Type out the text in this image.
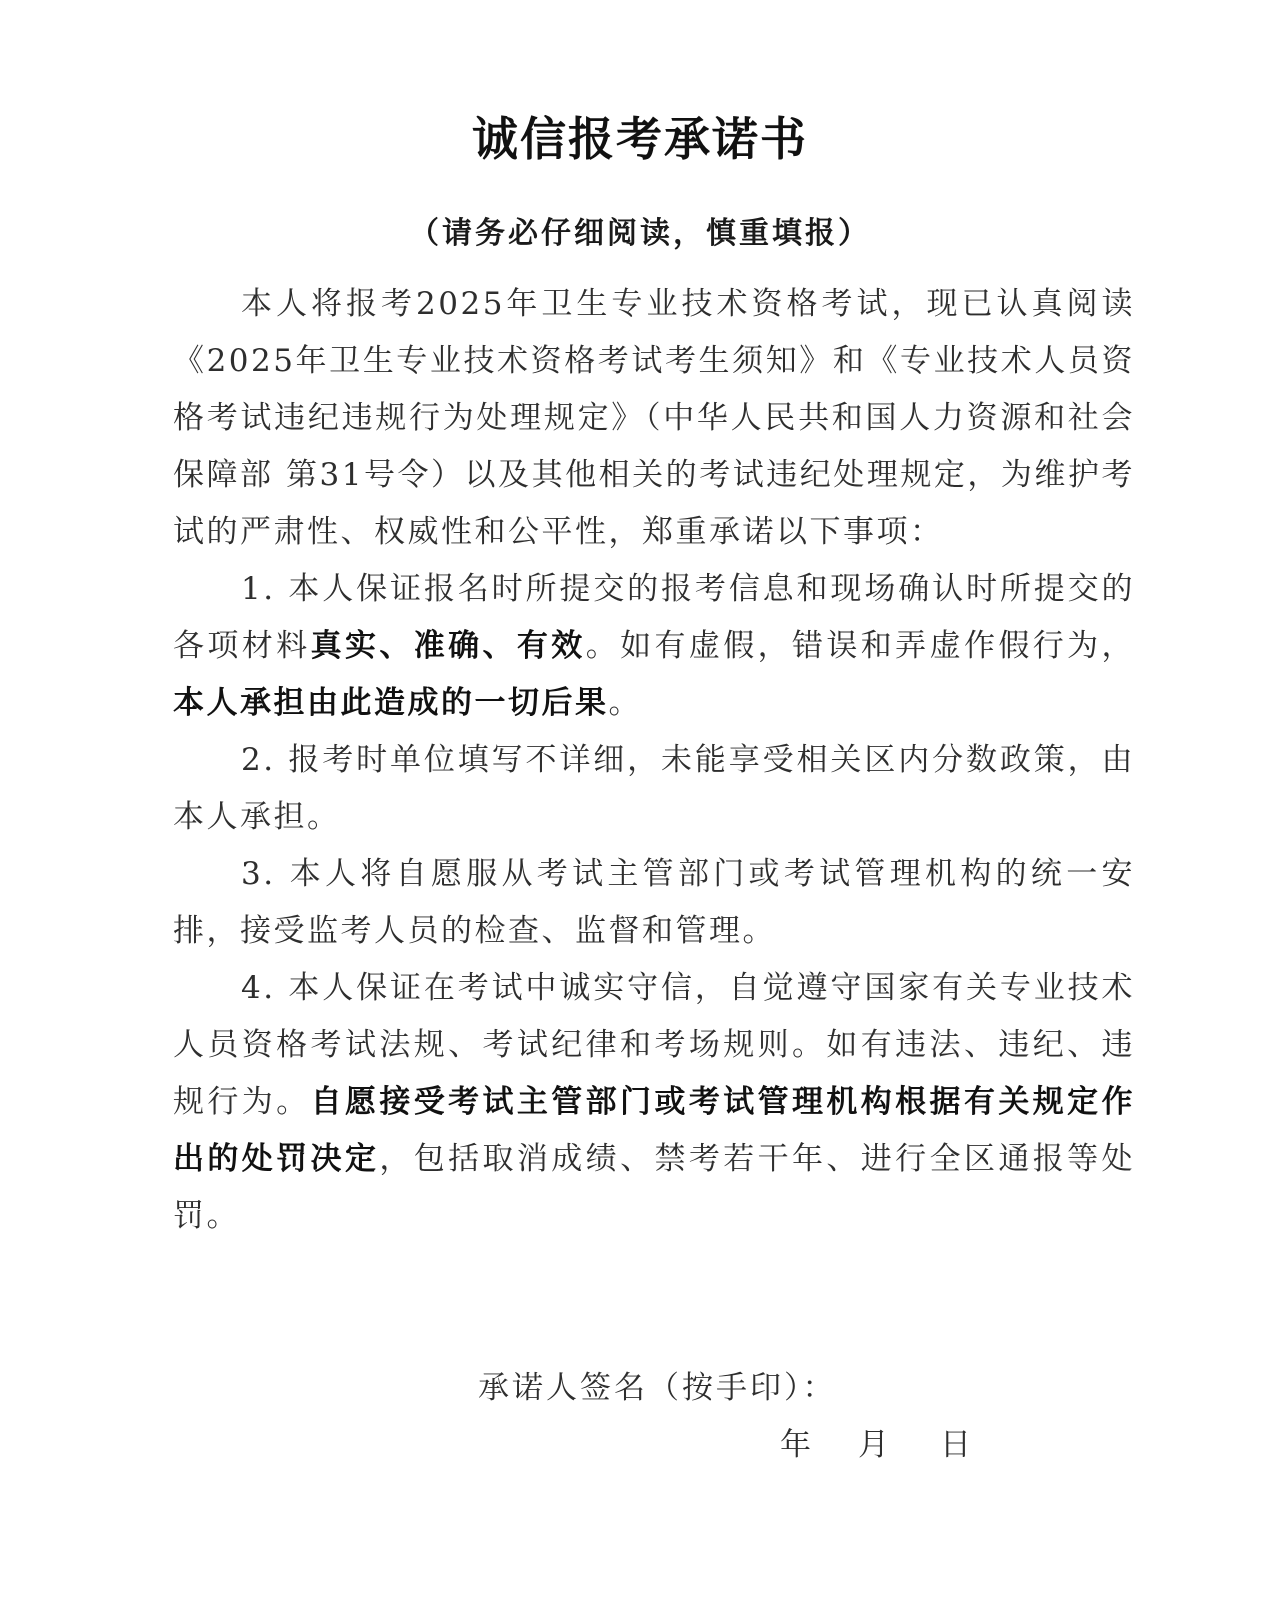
诚信报考承诺书
（请务必仔细阅读，慎重填报）

本人将报考2025年卫生专业技术资格考试，现已认真阅读《2025年卫生专业技术资格考试考生须知》和《专业技术人员资格考试违纪违规行为处理规定》（中华人民共和国人力资源和社会保障部 第31号令）以及其他相关的考试违纪处理规定，为维护考试的严肃性、权威性和公平性，郑重承诺以下事项：

1. 本人保证报名时所提交的报考信息和现场确认时所提交的各项材料真实、准确、有效。如有虚假，错误和弄虚作假行为，本人承担由此造成的一切后果。

2. 报考时单位填写不详细，未能享受相关区内分数政策，由本人承担。

3. 本人将自愿服从考试主管部门或考试管理机构的统一安排，接受监考人员的检查、监督和管理。

4. 本人保证在考试中诚实守信，自觉遵守国家有关专业技术人员资格考试法规、考试纪律和考场规则。如有违法、违纪、违规行为。自愿接受考试主管部门或考试管理机构根据有关规定作出的处罚决定，包括取消成绩、禁考若干年、进行全区通报等处罚。

承诺人签名（按手印）：
年 月 日
